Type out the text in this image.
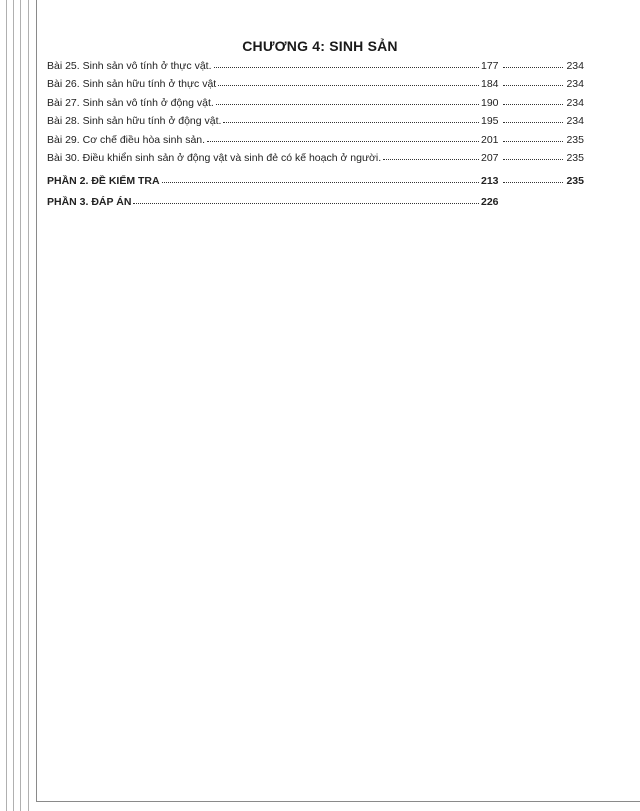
CHƯƠNG 4: SINH SẢN
Bài 25. Sinh sản vô tính ở thực vật.	177	234
Bài 26. Sinh sản hữu tính ở thực vật	184	234
Bài 27. Sinh sản vô tính ở động vật.	190	234
Bài 28. Sinh sản hữu tính ở động vật.	195	234
Bài 29. Cơ chế điều hòa sinh sản.	201	235
Bài 30. Điều khiển sinh sản ở động vật và sinh đẻ có kế hoạch ở người.	207	235
PHẦN 2. ĐỀ KIỂM TRA	213	235
PHẦN 3. ĐÁP ÁN	226
